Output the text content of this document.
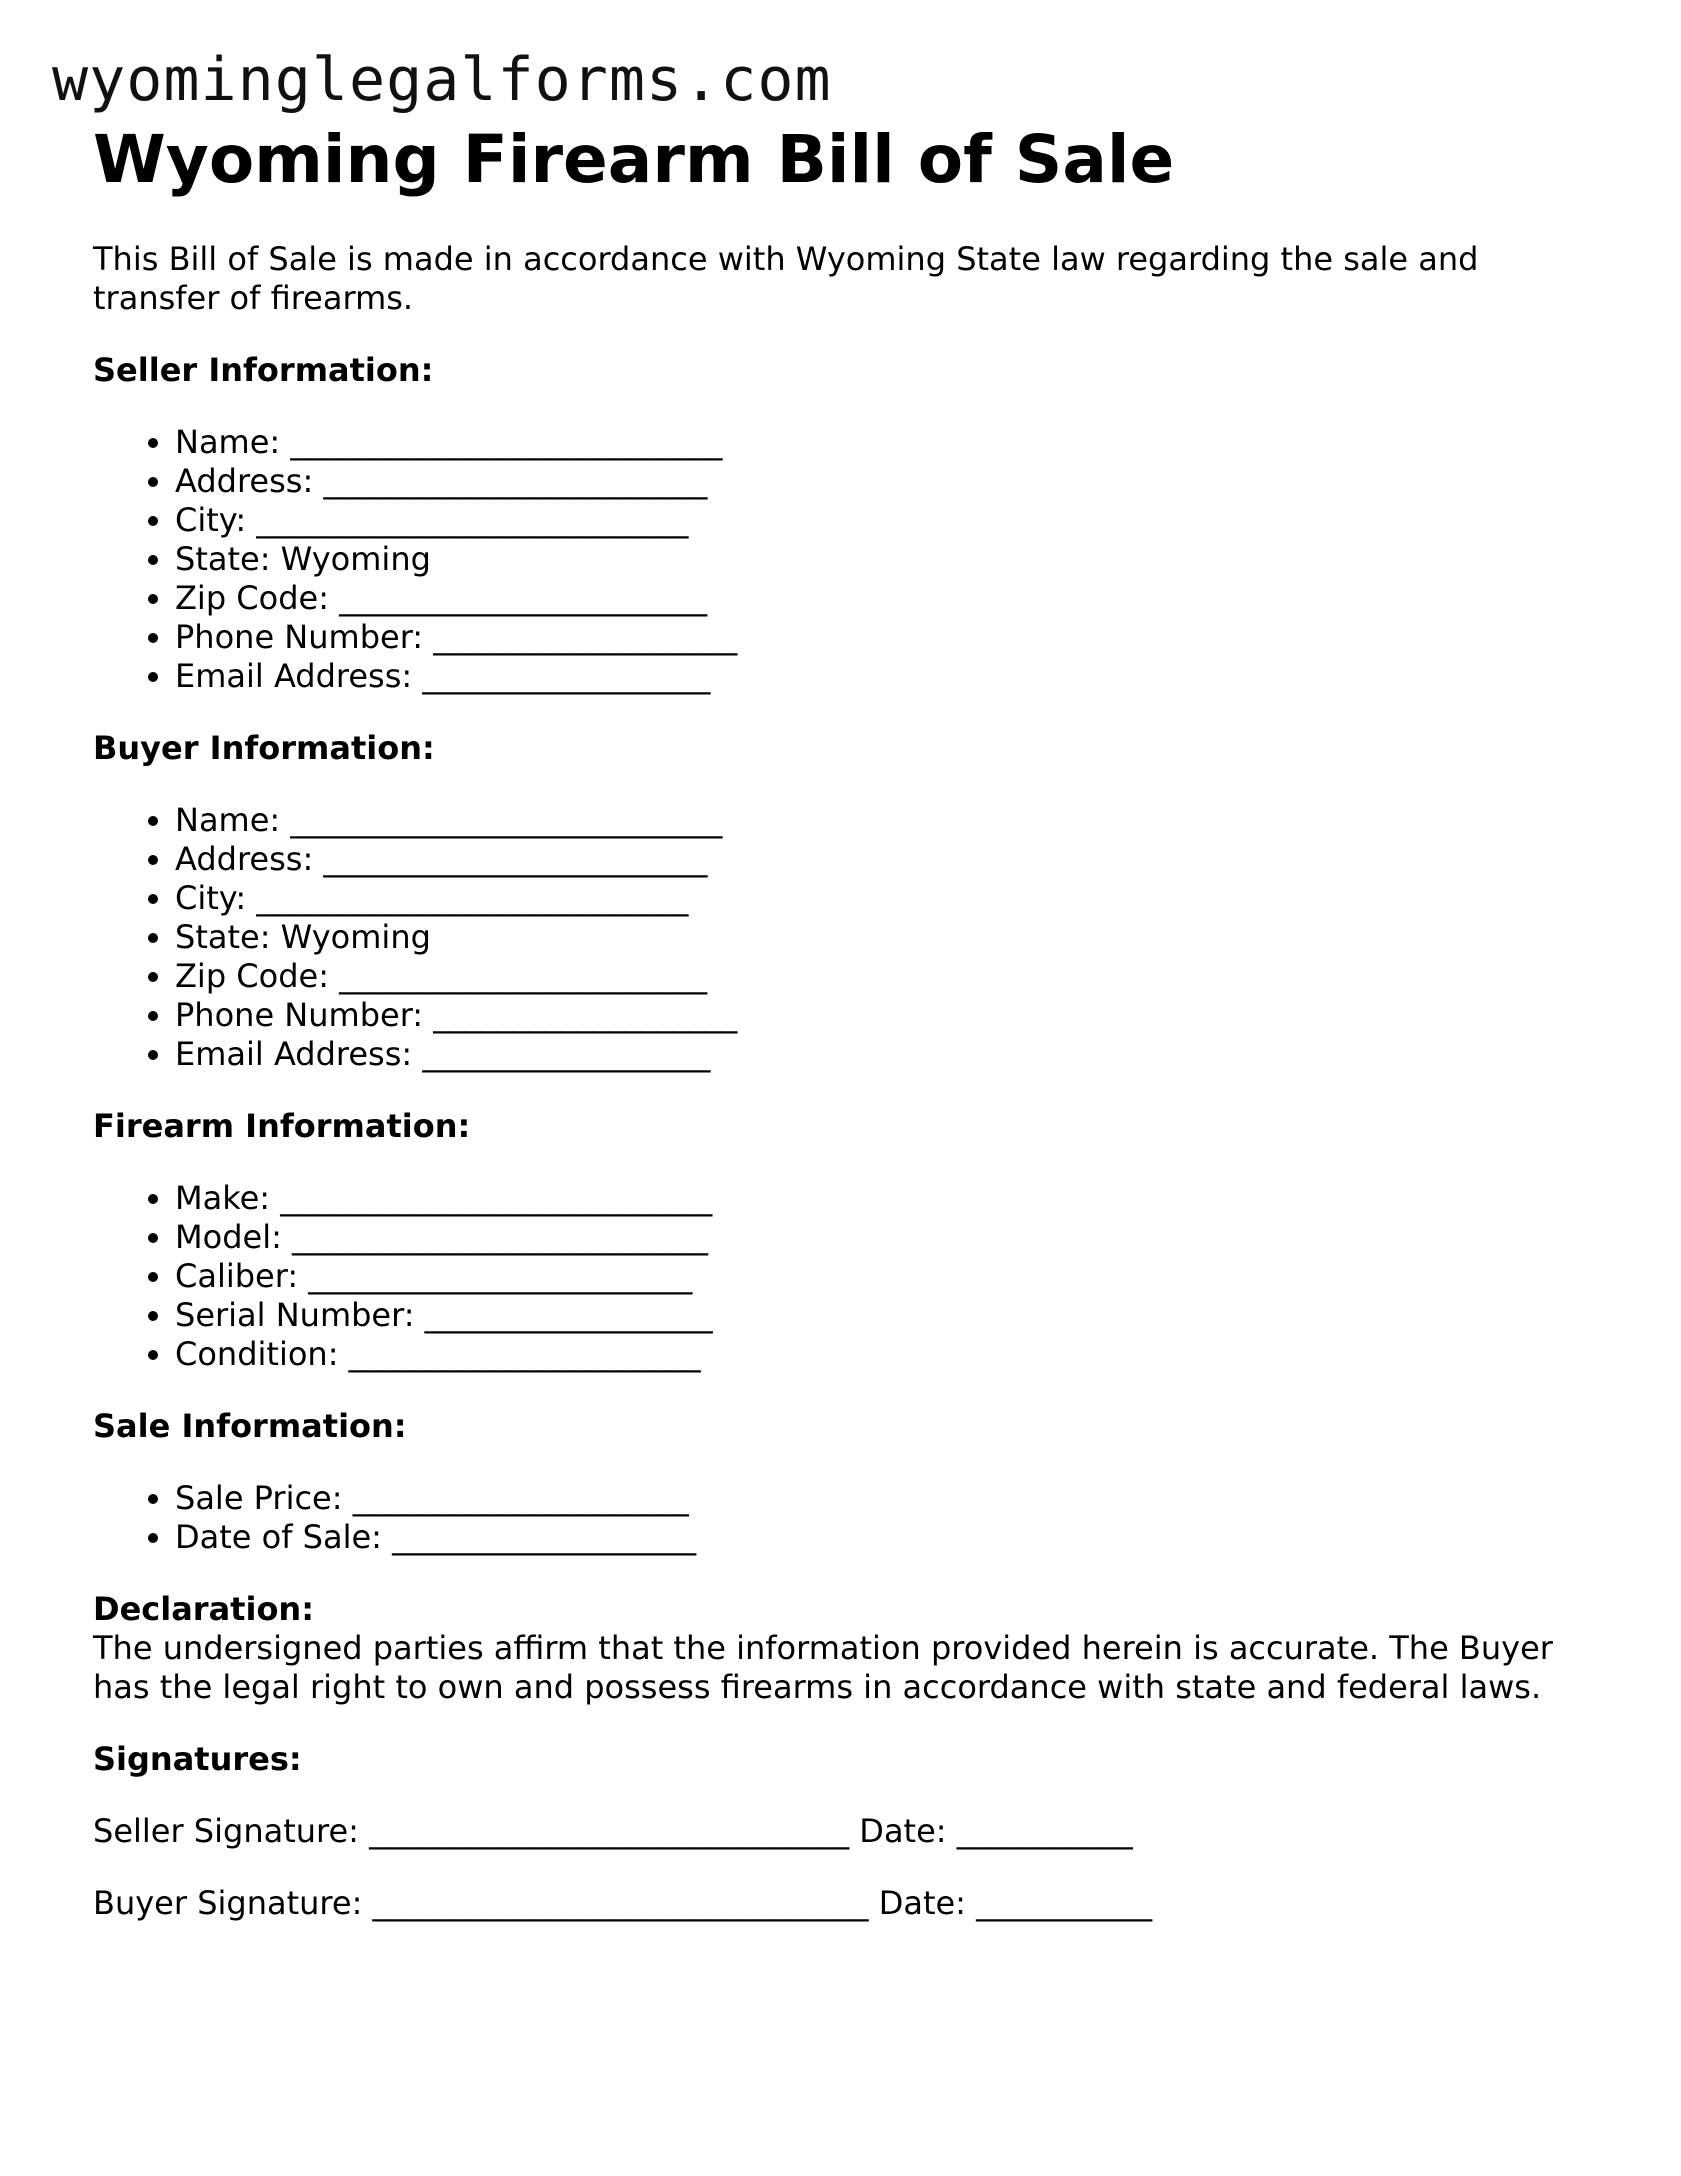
wyominglegalforms.com
Wyoming Firearm Bill of Sale

This Bill of Sale is made in accordance with Wyoming State law regarding the sale and transfer of firearms.

Seller Information:
• Name: ___________________________
• Address: ________________________
• City: ___________________________
• State: Wyoming
• Zip Code: _______________________
• Phone Number: ___________________
• Email Address: __________________
Buyer Information:
• Name: ___________________________
• Address: ________________________
• City: ___________________________
• State: Wyoming
• Zip Code: _______________________
• Phone Number: ___________________
• Email Address: __________________
Firearm Information:
• Make: ___________________________
• Model: __________________________
• Caliber: ________________________
• Serial Number: __________________
• Condition: ______________________
Sale Information:
• Sale Price: _____________________
• Date of Sale: ___________________
Declaration:

The undersigned parties affirm that the information provided herein is accurate. The Buyer has the legal right to own and possess firearms in accordance with state and federal laws.

Signatures:
Seller Signature: ______________________________ Date: ___________
Buyer Signature: _______________________________ Date: ___________
